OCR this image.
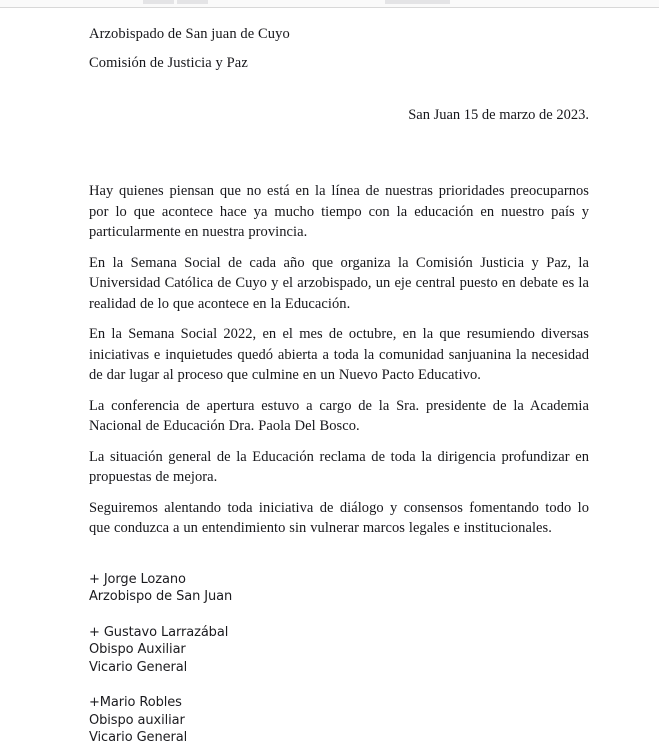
Arzobispado de San juan de Cuyo
Comisión de Justicia y Paz
San Juan 15 de marzo de 2023.

Hay quienes piensan que no está en la línea de nuestras prioridades preocuparnos por lo que acontece hace ya mucho tiempo con la educación en nuestro país y particularmente en nuestra provincia.

En la Semana Social de cada año que organiza la Comisión Justicia y Paz, la Universidad Católica de Cuyo y el arzobispado, un eje central puesto en debate es la realidad de lo que acontece en la Educación.

En la Semana Social 2022, en el mes de octubre, en la que resumiendo diversas iniciativas e inquietudes quedó abierta a toda la comunidad sanjuanina la necesidad de dar lugar al proceso que culmine en un Nuevo Pacto Educativo.

La conferencia de apertura estuvo a cargo de la Sra. presidente de la Academia Nacional de Educación Dra. Paola Del Bosco.

La situación general de la Educación reclama de toda la dirigencia profundizar en propuestas de mejora.

Seguiremos alentando toda iniciativa de diálogo y consensos fomentando todo lo que conduzca a un entendimiento sin vulnerar marcos legales e institucionales.

+ Jorge Lozano
Arzobispo de San Juan
+ Gustavo Larrazábal
Obispo Auxiliar
Vicario General
+Mario Robles
Obispo auxiliar
Vicario General
